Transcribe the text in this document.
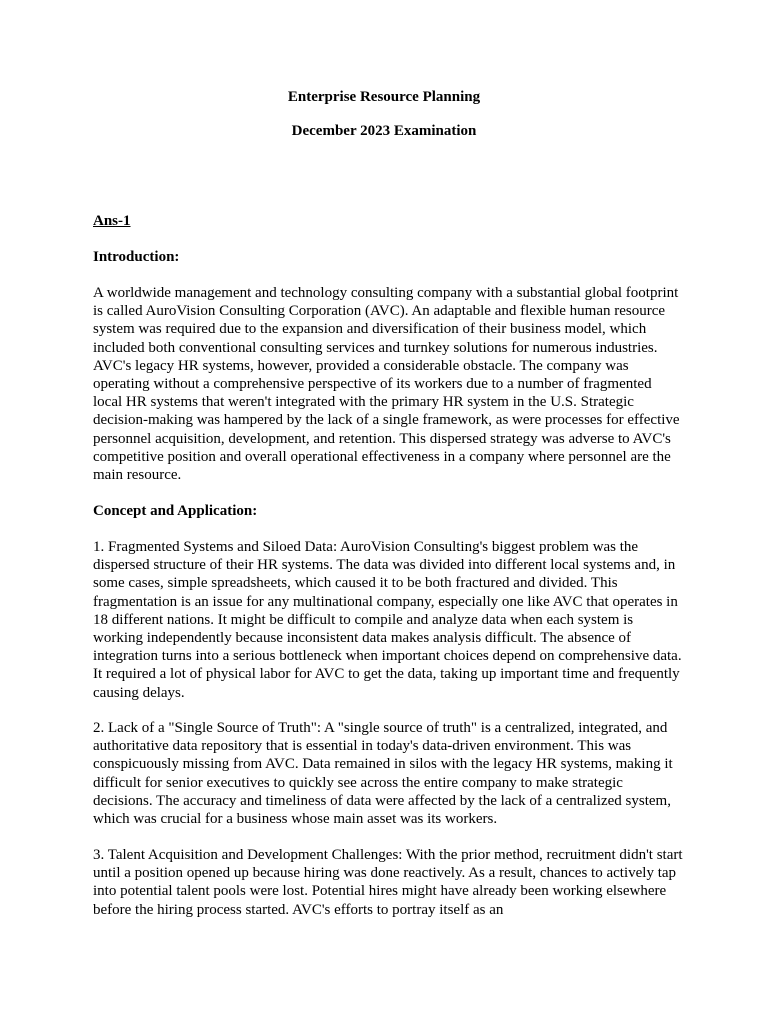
Enterprise Resource Planning
December 2023 Examination
Ans-1
Introduction:

A worldwide management and technology consulting company with a substantial global footprint is called AuroVision Consulting Corporation (AVC). An adaptable and flexible human resource system was required due to the expansion and diversification of their business model, which included both conventional consulting services and turnkey solutions for numerous industries. AVC's legacy HR systems, however, provided a considerable obstacle. The company was operating without a comprehensive perspective of its workers due to a number of fragmented local HR systems that weren't integrated with the primary HR system in the U.S. Strategic decision-making was hampered by the lack of a single framework, as were processes for effective personnel acquisition, development, and retention. This dispersed strategy was adverse to AVC's competitive position and overall operational effectiveness in a company where personnel are the main resource.

Concept and Application:

1. Fragmented Systems and Siloed Data: AuroVision Consulting's biggest problem was the dispersed structure of their HR systems. The data was divided into different local systems and, in some cases, simple spreadsheets, which caused it to be both fractured and divided. This fragmentation is an issue for any multinational company, especially one like AVC that operates in 18 different nations. It might be difficult to compile and analyze data when each system is working independently because inconsistent data makes analysis difficult. The absence of integration turns into a serious bottleneck when important choices depend on comprehensive data. It required a lot of physical labor for AVC to get the data, taking up important time and frequently causing delays.

2. Lack of a "Single Source of Truth": A "single source of truth" is a centralized, integrated, and authoritative data repository that is essential in today's data-driven environment. This was conspicuously missing from AVC. Data remained in silos with the legacy HR systems, making it difficult for senior executives to quickly see across the entire company to make strategic decisions. The accuracy and timeliness of data were affected by the lack of a centralized system, which was crucial for a business whose main asset was its workers.

3. Talent Acquisition and Development Challenges: With the prior method, recruitment didn't start until a position opened up because hiring was done reactively. As a result, chances to actively tap into potential talent pools were lost. Potential hires might have already been working elsewhere before the hiring process started. AVC's efforts to portray itself as an
